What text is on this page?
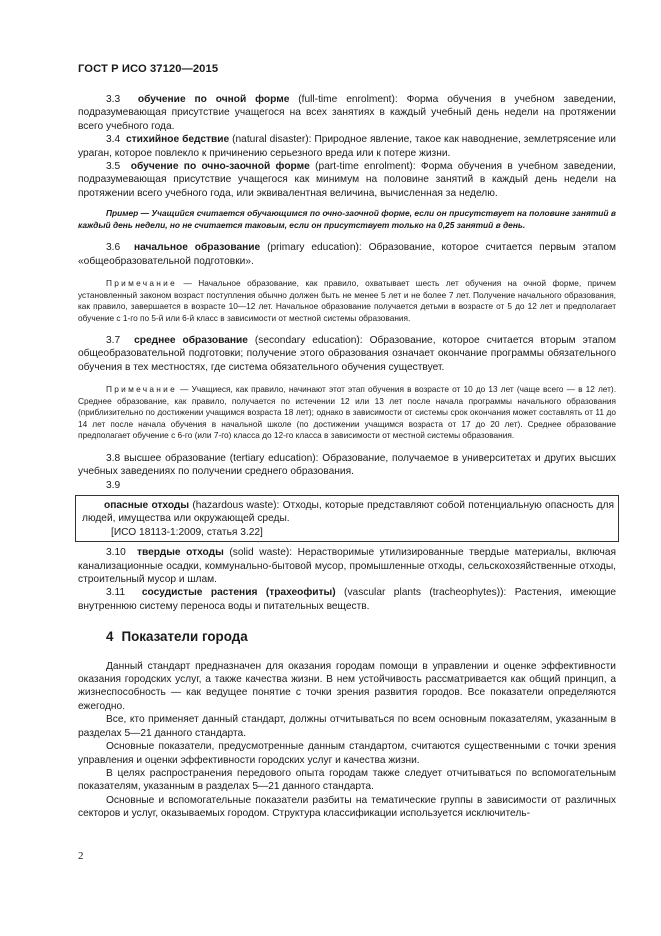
ГОСТ Р ИСО 37120—2015

3.3 обучение по очной форме (full-time enrolment): Форма обучения в учебном заведении, подразумевающая присутствие учащегося на всех занятиях в каждый учебный день недели на протяжении всего учебного года.

3.4 стихийное бедствие (natural disaster): Природное явление, такое как наводнение, землетрясение или ураган, которое повлекло к причинению серьезного вреда или к потере жизни.

3.5 обучение по очно-заочной форме (part-time enrolment): Форма обучения в учебном заведении, подразумевающая присутствие учащегося как минимум на половине занятий в каждый день недели на протяжении всего учебного года, или эквивалентная величина, вычисленная за неделю.

Пример — Учащийся считается обучающимся по очно-заочной форме, если он присутствует на половине занятий в каждый день недели, но не считается таковым, если он присутствует только на 0,25 занятий в день.

3.6 начальное образование (primary education): Образование, которое считается первым этапом «общеобразовательной подготовки».

Примечание — Начальное образование, как правило, охватывает шесть лет обучения на очной форме, причем установленный законом возраст поступления обычно должен быть не менее 5 лет и не более 7 лет. Получение начального образования, как правило, завершается в возрасте 10—12 лет. Начальное образование получается детьми в возрасте от 5 до 12 лет и предполагает обучение с 1-го по 5-й или 6-й класс в зависимости от местной системы образования.

3.7 среднее образование (secondary education): Образование, которое считается вторым этапом общеобразовательной подготовки; получение этого образования означает окончание программы обязательного обучения в тех местностях, где система обязательного обучения существует.

Примечание — Учащиеся, как правило, начинают этот этап обучения в возрасте от 10 до 13 лет (чаще всего — в 12 лет). Среднее образование, как правило, получается по истечении 12 или 13 лет после начала программы начального образования (приблизительно по достижении учащимся возраста 18 лет); однако в зависимости от системы срок окончания может составлять от 11 до 14 лет после начала обучения в начальной школе (по достижении учащимся возраста от 17 до 20 лет). Среднее образование предполагает обучение с 6-го (или 7-го) класса до 12-го класса в зависимости от местной системы образования.

3.8 высшее образование (tertiary education): Образование, получаемое в университетах и других высших учебных заведениях по получении среднего образования.

3.9

опасные отходы (hazardous waste): Отходы, которые представляют собой потенциальную опасность для людей, имущества или окружающей среды.

[ИСО 18113-1:2009, статья 3.22]

3.10 твердые отходы (solid waste): Нерастворимые утилизированные твердые материалы, включая канализационные осадки, коммунально-бытовой мусор, промышленные отходы, сельскохозяйственные отходы, строительный мусор и шлам.

3.11 сосудистые растения (трахеофиты) (vascular plants (tracheophytes)): Растения, имеющие внутреннюю систему переноса воды и питательных веществ.

4 Показатели города

Данный стандарт предназначен для оказания городам помощи в управлении и оценке эффективности оказания городских услуг, а также качества жизни. В нем устойчивость рассматривается как общий принцип, а жизнеспособность — как ведущее понятие с точки зрения развития городов. Все показатели определяются ежегодно.

Все, кто применяет данный стандарт, должны отчитываться по всем основным показателям, указанным в разделах 5—21 данного стандарта.

Основные показатели, предусмотренные данным стандартом, считаются существенными с точки зрения управления и оценки эффективности городских услуг и качества жизни.

В целях распространения передового опыта городам также следует отчитываться по вспомогательным показателям, указанным в разделах 5—21 данного стандарта.

Основные и вспомогательные показатели разбиты на тематические группы в зависимости от различных секторов и услуг, оказываемых городом. Структура классификации используется исключитель-

2
